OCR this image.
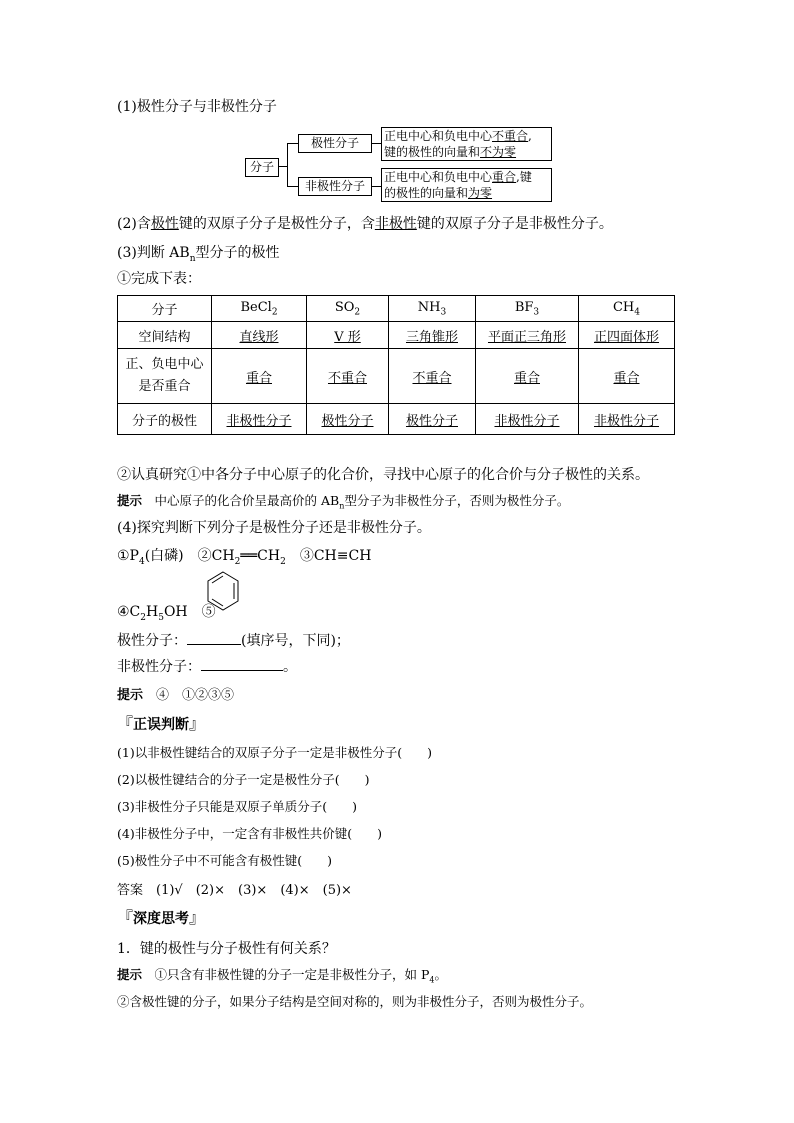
(1)极性分子与非极性分子
分子
极性分子	正电中心和负电中心不重合,
键的极性的向量和不为零
非极性分子
正电中心和负电中心重合,键
的极性的向量和为零
(2)含极性键的双原子分子是极性分子，含非极性键的双原子分子是非极性分子。
(3)判断 $AB_n$型分子的极性
①完成下表：
分子	BeCl$_2$	$SO_2$	$NH_3$	$BF_3$	$CH_4$
空间结构	直线形	V 形	三角锥形	平面正三角形	正四面体形

正、负电中心
是否重合	重合	不重合	不重合	重合	重合
分子的极性	非极性分子	极性分子	极性分子	非极性分子	非极性分子
②认真研究①中各分子中心原子的化合价，寻找中心原子的化合价与分子极性的关系。
提示　 中心原子的化合价呈最高价的 $AB_n$型分子为非极性分子，否则为极性分子。
(4)探究判断下列分子是极性分子还是非极性分子。
$①P_4$(白磷)　 $②CH_2══CH_2$　 ③CH≡CH
$④C_2H_5OH$　 ⑤
极性分子：	(填序号，下同)；
非极性分子：	。
提示　 ④　①②③⑤
『正误判断』
(1)以非极性键结合的双原子分子一定是非极性分子(　　)
(2)以极性键结合的分子一定是极性分子(　　)
(3)非极性分子只能是双原子单质分子(　　)
(4)非极性分子中，一定含有非极性共价键(　　)
(5)极性分子中不可能含有极性键(　　)
答案　(1)√　(2)×　(3)×　(4)×　(5)×
『深度思考』
1．键的极性与分子极性有何关系？
提示　 ①只含有非极性键的分子一定是非极性分子，如 $P_4$。
②含极性键的分子，如果分子结构是空间对称的，则为非极性分子，否则为极性分子。
